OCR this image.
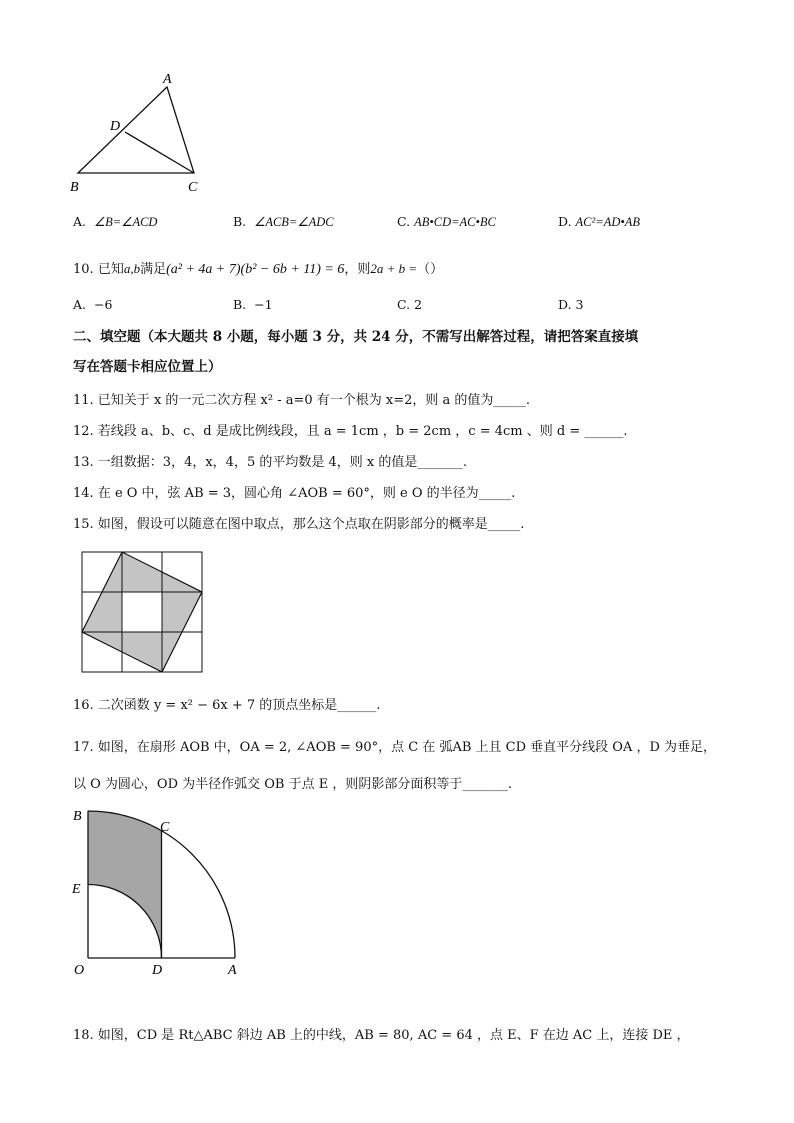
A
D
B	C
A. ∠B=∠ACD	B. ∠ACB=∠ADC	C. AB•CD=AC•BC	D. AC²=AD•AB
10. 已知a,b满足(a² + 4a + 7)(b² − 6b + 11) = 6，则2a + b =（）
A. −6	B. −1	C. 2	D. 3
二、填空题（本大题共 8 小题，每小题 3 分，共 24 分，不需写出解答过程，请把答案直接填
写在答题卡相应位置上）
11. 已知关于 x 的一元二次方程 x² - a=0 有一个根为 x=2，则 a 的值为_____.
12. 若线段 a、b、c、d 是成比例线段，且 a = 1cm ，b = 2cm ，c = 4cm 、则 d = ______.
13. 一组数据：3，4，x，4，5 的平均数是 4，则 x 的值是_______.
14. 在 e O 中，弦 AB = 3，圆心角 ∠AOB = 60°，则 e O 的半径为_____.
15. 如图，假设可以随意在图中取点，那么这个点取在阴影部分的概率是_____.
16. 二次函数 y = x² − 6x + 7 的顶点坐标是______.
17. 如图，在扇形 AOB 中，OA = 2, ∠AOB = 90°，点 C 在 弧AB 上且 CD 垂直平分线段 OA ，D 为垂足，
以 O 为圆心，OD 为半径作弧交 OB 于点 E ，则阴影部分面积等于_______.
B
C
E
O	D	A
18. 如图，CD 是 Rt△ABC 斜边 AB 上的中线，AB = 80, AC = 64 ，点 E、F 在边 AC 上，连接 DE ，
